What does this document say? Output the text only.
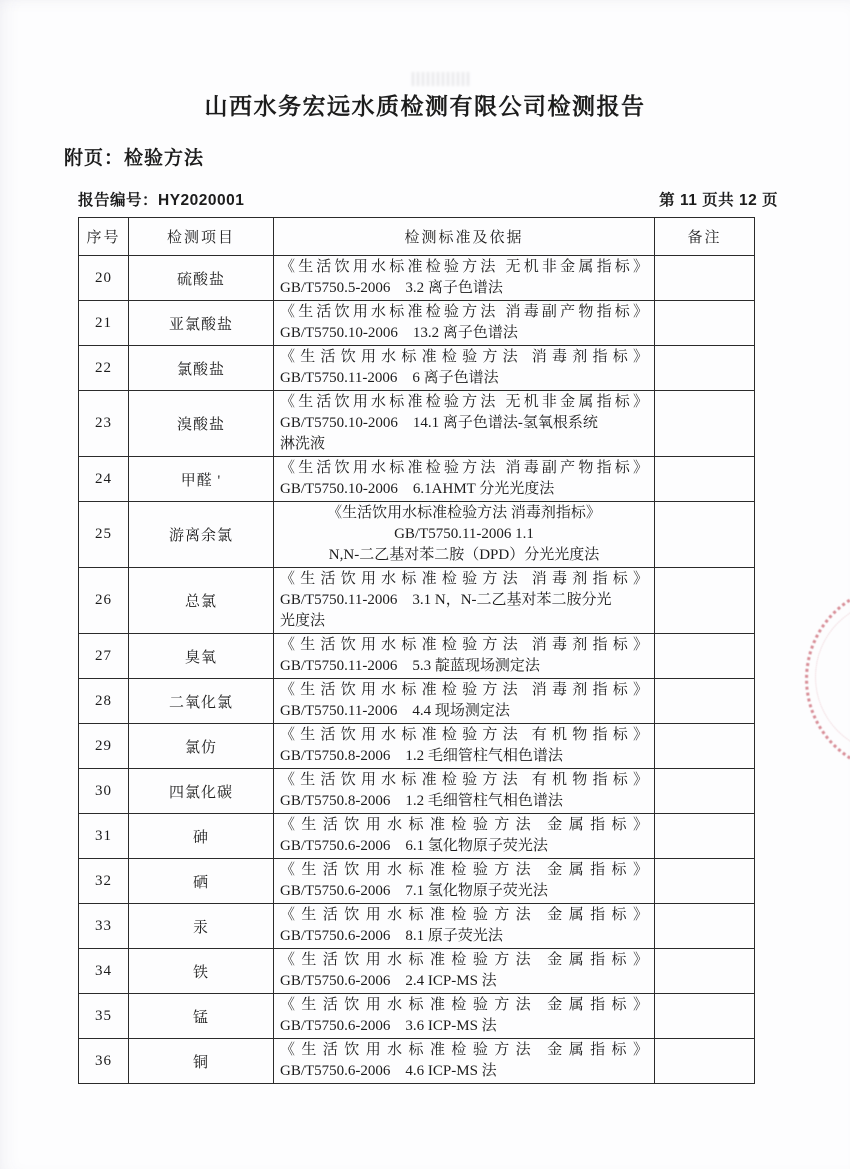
山西水务宏远水质检测有限公司检测报告
附页：检验方法
报告编号：HY2020001	第 11 页共 12 页
序号	检测项目	检测标准及依据	备注
20	硫酸盐	《生活饮用水标准检验方法 无机非金属指标》
GB/T5750.5-2006  3.2 离子色谱法	

21	亚氯酸盐	《生活饮用水标准检验方法 消毒副产物指标》
GB/T5750.10-2006  13.2 离子色谱法	

22	氯酸盐	《生活饮用水标准检验方法 消毒剂指标》
GB/T5750.11-2006  6 离子色谱法	

23	溴酸盐	《生活饮用水标准检验方法 无机非金属指标》
GB/T5750.10-2006  14.1 离子色谱法-氢氧根系统
淋洗液	

24	甲醛 '	《生活饮用水标准检验方法 消毒副产物指标》
GB/T5750.10-2006  6.1AHMT 分光光度法	

25	游离余氯	《生活饮用水标准检验方法 消毒剂指标》
GB/T5750.11-2006 1.1
N,N-二乙基对苯二胺（DPD）分光光度法	

26	总氯	《生活饮用水标准检验方法 消毒剂指标》
GB/T5750.11-2006  3.1 N，N-二乙基对苯二胺分光
光度法	

27	臭氧	《生活饮用水标准检验方法 消毒剂指标》
GB/T5750.11-2006  5.3 靛蓝现场测定法	

28	二氧化氯	《生活饮用水标准检验方法 消毒剂指标》
GB/T5750.11-2006  4.4 现场测定法	

29	氯仿	《生活饮用水标准检验方法 有机物指标》
GB/T5750.8-2006  1.2 毛细管柱气相色谱法	

30	四氯化碳	《生活饮用水标准检验方法 有机物指标》
GB/T5750.8-2006  1.2 毛细管柱气相色谱法	

31	砷	《生活饮用水标准检验方法 金属指标》
GB/T5750.6-2006  6.1 氢化物原子荧光法	

32	硒	《生活饮用水标准检验方法 金属指标》
GB/T5750.6-2006  7.1 氢化物原子荧光法	

33	汞	《生活饮用水标准检验方法 金属指标》
GB/T5750.6-2006  8.1 原子荧光法	

34	铁	《生活饮用水标准检验方法 金属指标》
GB/T5750.6-2006  2.4 ICP-MS 法	

35	锰	《生活饮用水标准检验方法 金属指标》
GB/T5750.6-2006  3.6 ICP-MS 法	

36	铜	《生活饮用水标准检验方法 金属指标》
GB/T5750.6-2006  4.6 ICP-MS 法	
